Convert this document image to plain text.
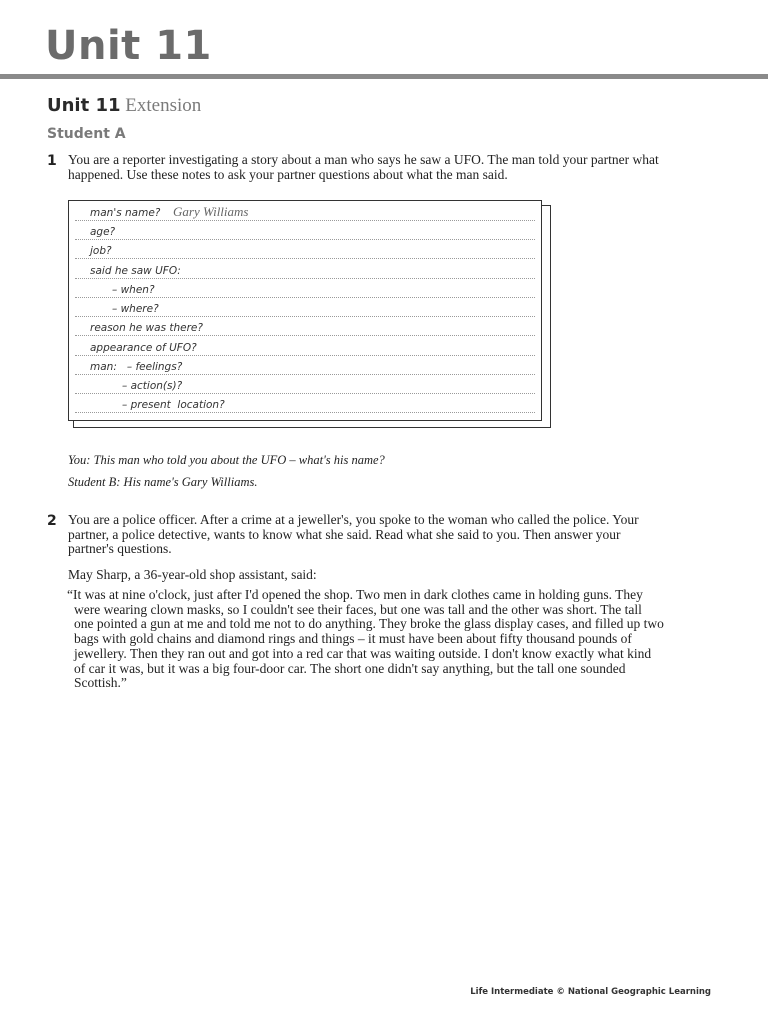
Unit 11
Unit 11 Extension
Student A
1 You are a reporter investigating a story about a man who says he saw a UFO. The man told your partner what happened. Use these notes to ask your partner questions about what the man said.
man's name? Gary Williams
age?
job?
said he saw UFO:
– when?
– where?
reason he was there?
appearance of UFO?
man:   – feelings?
– action(s)?
– present  location?
You: This man who told you about the UFO – what's his name?
Student B: His name's Gary Williams.
2 You are a police officer. After a crime at a jeweller's, you spoke to the woman who called the police. Your partner, a police detective, wants to know what she said. Read what she said to you. Then answer your partner's questions.
May Sharp, a 36-year-old shop assistant, said:
“It was at nine o'clock, just after I'd opened the shop. Two men in dark clothes came in holding guns. They were wearing clown masks, so I couldn't see their faces, but one was tall and the other was short. The tall one pointed a gun at me and told me not to do anything. They broke the glass display cases, and filled up two bags with gold chains and diamond rings and things – it must have been about fifty thousand pounds of jewellery. Then they ran out and got into a red car that was waiting outside. I don't know exactly what kind of car it was, but it was a big four-door car. The short one didn't say anything, but the tall one sounded Scottish.”
Life Intermediate © National Geographic Learning
